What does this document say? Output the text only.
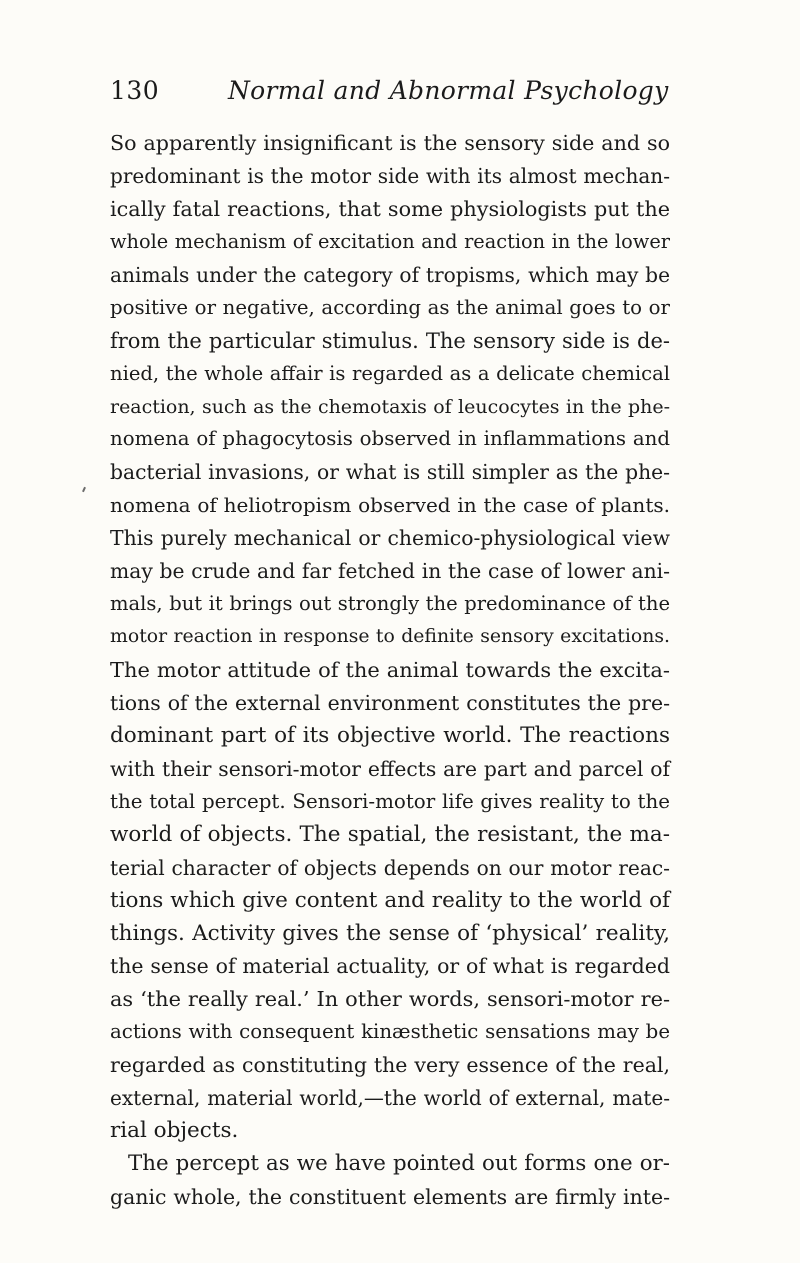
130	Normal and Abnormal Psychology
So apparently insignificant is the sensory side and so
predominant is the motor side with its almost mechan-
ically fatal reactions, that some physiologists put the
whole mechanism of excitation and reaction in the lower
animals under the category of tropisms, which may be
positive or negative, according as the animal goes to or
from the particular stimulus. The sensory side is de-
nied, the whole affair is regarded as a delicate chemical
reaction, such as the chemotaxis of leucocytes in the phe-
nomena of phagocytosis observed in inflammations and
bacterial invasions, or what is still simpler as the phe-
nomena of heliotropism observed in the case of plants.
This purely mechanical or chemico-physiological view
may be crude and far fetched in the case of lower ani-
mals, but it brings out strongly the predominance of the
motor reaction in response to definite sensory excitations.
The motor attitude of the animal towards the excita-
tions of the external environment constitutes the pre-
dominant part of its objective world. The reactions
with their sensori-motor effects are part and parcel of
the total percept. Sensori-motor life gives reality to the
world of objects. The spatial, the resistant, the ma-
terial character of objects depends on our motor reac-
tions which give content and reality to the world of
things. Activity gives the sense of ‘physical’ reality,
the sense of material actuality, or of what is regarded
as ‘the really real.’ In other words, sensori-motor re-
actions with consequent kinæsthetic sensations may be
regarded as constituting the very essence of the real,
external, material world,—the world of external, mate-
rial objects.
The percept as we have pointed out forms one or-
ganic whole, the constituent elements are firmly inte-
